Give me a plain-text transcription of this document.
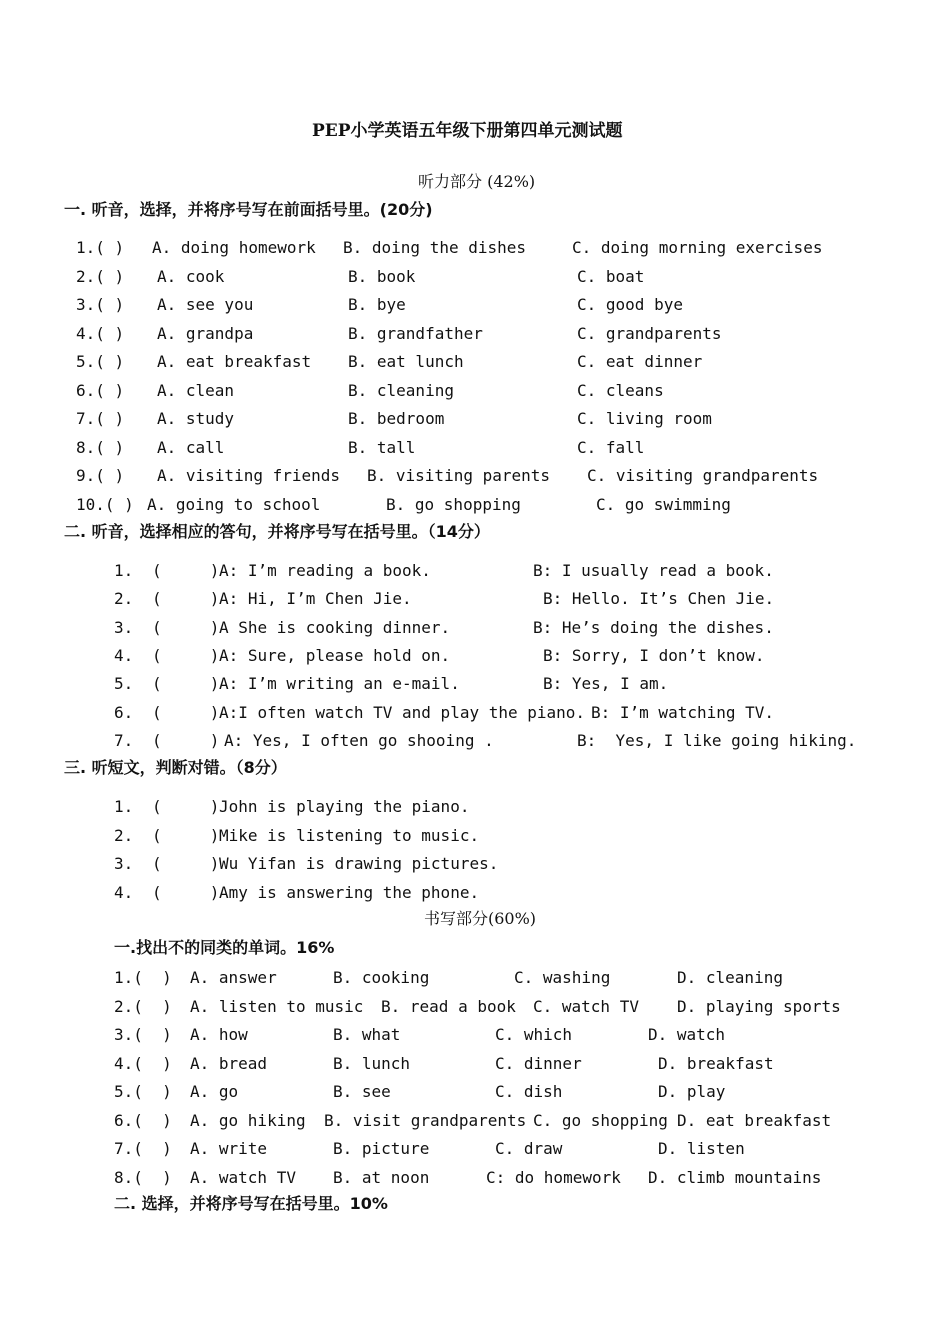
PEP小学英语五年级下册第四单元测试题
听力部分 (42%)
一. 听音，选择，并将序号写在前面括号里。(20分)
1.( ) A. doing homework B. doing the dishes	C. doing morning exercises
2.( ) A. cook	B. book	C. boat
3.( ) A. see you	B. bye	C. good bye
4.( ) A. grandpa	B. grandfather	C. grandparents
5.( ) A. eat breakfast B. eat lunch	C. eat dinner
6.( ) A. clean	B. cleaning	C. cleans
7.( ) A. study	B. bedroom	C. living room
8.( ) A. call	B. tall	C. fall
9.( ) A. visiting friends B. visiting parents C. visiting grandparents
10.( ) A. going to school	B. go shopping	C. go swimming
二. 听音，选择相应的答句，并将序号写在括号里。（14分）
1. (     ) A: I’m reading a book.	B: I usually read a book.
2. (     ) A: Hi, I’m Chen Jie.	B: Hello. It’s Chen Jie.
3. (     ) A She is cooking dinner.	B: He’s doing the dishes.
4. (     ) A: Sure, please hold on.	B: Sorry, I don’t know.
5. (     ) A: I’m writing an e-mail.	B: Yes, I am.
6. (     ) A:I often watch TV and play the piano. B: I’m watching TV.
7. (     ) A: Yes, I often go shooing .	B:  Yes, I like going hiking.
三. 听短文，判断对错。（8分）
1. (     ) John is playing the piano.
2. (     ) Mike is listening to music.
3. (     ) Wu Yifan is drawing pictures.
4. (     ) Amy is answering the phone.
书写部分(60%)
一.找出不的同类的单词。16%
1.(  ) A. answer	B. cooking	C. washing	D. cleaning
2.(  ) A. listen to music B. read a book C. watch TV D. playing sports
3.(  ) A. how	B. what	C. which	D. watch
4.(  ) A. bread	B. lunch	C. dinner	D. breakfast
5.(  ) A. go	B. see	C. dish	D. play
6.(  ) A. go hiking B. visit grandparents C. go shopping D. eat breakfast
7.(  ) A. write	B. picture	C. draw	D. listen
8.(  ) A. watch TV B. at noon	C: do homework D. climb mountains
二. 选择，并将序号写在括号里。10%
